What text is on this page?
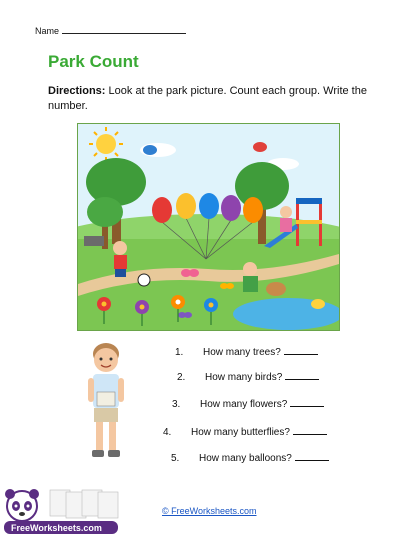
Name
Park Count
Directions: Look at the park picture. Count each group. Write the number.
1. How many trees?
2. How many birds?
3. How many flowers?
4. How many butterflies?
5. How many balloons?
© FreeWorksheets.com
FreeWorksheets.com
